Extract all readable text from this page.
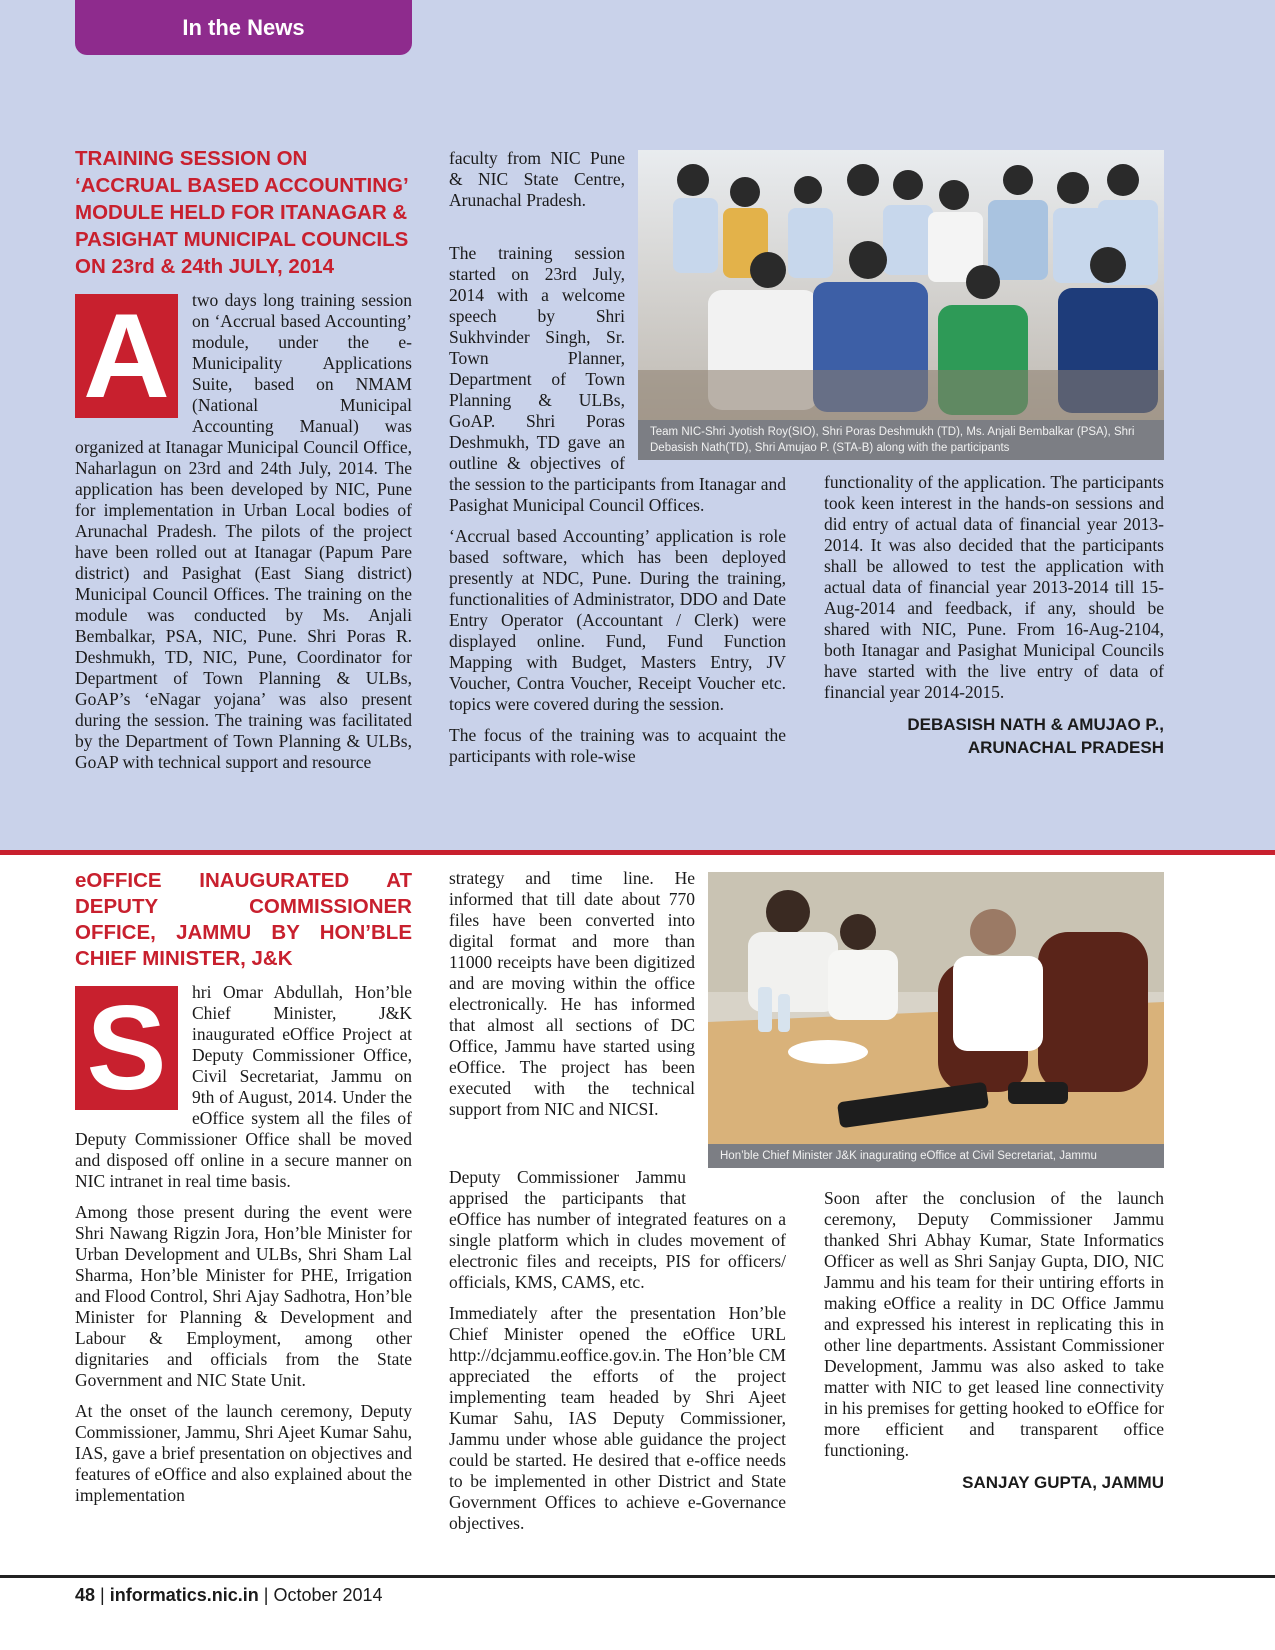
In the News
TRAINING SESSION ON ‘ACCRUAL BASED ACCOUNTING’ MODULE HELD FOR ITANAGAR & PASIGHAT MUNICIPAL COUNCILS ON 23rd & 24th JULY, 2014
A	two days long training session on ‘Accrual based Accounting’ module, under the e-Municipality Applications Suite, based on NMAM (National Municipal Accounting Manual) was organized at Itanagar Municipal Council Office, Naharlagun on 23rd and 24th July, 2014. The application has been developed by NIC, Pune for implementation in Urban Local bodies of Arunachal Pradesh. The pilots of the project have been rolled out at Itanagar (Papum Pare district) and Pasighat (East Siang district) Municipal Council Offices. The training on the module was conducted by Ms. Anjali Bembalkar, PSA, NIC, Pune. Shri Poras R. Deshmukh, TD, NIC, Pune, Coordinator for Department of Town Planning & ULBs, GoAP’s ‘eNagar yojana’ was also present during the session. The training was facilitated by the Department of Town Planning & ULBs, GoAP with technical support and resource

faculty from NIC Pune & NIC State Centre, Arunachal Pradesh.

The training session started on 23rd July, 2014 with a welcome speech by Shri Sukhvinder Singh, Sr. Town Planner, Department of Town Planning & ULBs, GoAP. Shri Poras Deshmukh, TD gave an outline & objectives of the session to the participants from Itanagar and Pasighat Municipal Council Offices.

‘Accrual based Accounting’ application is role based software, which has been deployed presently at NDC, Pune. During the training, functionalities of Administrator, DDO and Date Entry Operator (Accountant / Clerk) were displayed online. Fund, Fund Function Mapping with Budget, Masters Entry, JV Voucher, Contra Voucher, Receipt Voucher etc. topics were covered during the session.

The focus of the training was to acquaint the participants with role-wise

Team NIC-Shri Jyotish Roy(SIO), Shri Poras Deshmukh (TD), Ms. Anjali Bembalkar (PSA), Shri Debasish Nath(TD), Shri Amujao P. (STA-B) along with the participants

functionality of the application. The participants took keen interest in the hands-on sessions and did entry of actual data of financial year 2013-2014. It was also decided that the participants shall be allowed to test the application with actual data of financial year 2013-2014 till 15-Aug-2014 and feedback, if any, should be shared with NIC, Pune. From 16-Aug-2104, both Itanagar and Pasighat Municipal Councils have started with the live entry of data of financial year 2014-2015.

DEBASISH NATH & AMUJAO P.,
ARUNACHAL PRADESH
eOFFICE INAUGURATED AT DEPUTY COMMISSIONER OFFICE, JAMMU BY HON’BLE CHIEF MINISTER, J&K
S	hri Omar Abdullah, Hon’ble Chief Minister, J&K inaugurated eOffice Project at Deputy Commissioner Office, Civil Secretariat, Jammu on 9th of August, 2014. Under the eOffice system all the files of Deputy Commissioner Office shall be moved and disposed off online in a secure manner on NIC intranet in real time basis.

Among those present during the event were Shri Nawang Rigzin Jora, Hon’ble Minister for Urban Development and ULBs, Shri Sham Lal Sharma, Hon’ble Minister for PHE, Irrigation and Flood Control, Shri Ajay Sadhotra, Hon’ble Minister for Planning & Development and Labour & Employment, among other dignitaries and officials from the State Government and NIC State Unit.

At the onset of the launch ceremony, Deputy Commissioner, Jammu, Shri Ajeet Kumar Sahu, IAS, gave a brief presentation on objectives and features of eOffice and also explained about the implementation

strategy and time line. He informed that till date about 770 files have been converted into digital format and more than 11000 receipts have been digitized and are moving within the office electronically. He has informed that almost all sections of DC Office, Jammu have started using eOffice. The project has been executed with the technical support from NIC and NICSI.

Deputy Commissioner Jammu apprised the participants that eOffice has number of integrated features on a single platform which in cludes movement of electronic files and receipts, PIS for officers/ officials, KMS, CAMS, etc.

Immediately after the presentation Hon’ble Chief Minister opened the eOffice URL http://dcjammu.eoffice.gov.in. The Hon’ble CM appreciated the efforts of the project implementing team headed by Shri Ajeet Kumar Sahu, IAS Deputy Commissioner, Jammu under whose able guidance the project could be started. He desired that e-office needs to be implemented in other District and State Government Offices to achieve e-Governance objectives.

Hon’ble Chief Minister J&K inagurating eOffice at Civil Secretariat, Jammu

Soon after the conclusion of the launch ceremony, Deputy Commissioner Jammu thanked Shri Abhay Kumar, State Informatics Officer as well as Shri Sanjay Gupta, DIO, NIC Jammu and his team for their untiring efforts in making eOffice a reality in DC Office Jammu and expressed his interest in replicating this in other line departments. Assistant Commissioner Development, Jammu was also asked to take matter with NIC to get leased line connectivity in his premises for getting hooked to eOffice for more efficient and transparent office functioning.

SANJAY GUPTA, JAMMU
48 | informatics.nic.in | October 2014
